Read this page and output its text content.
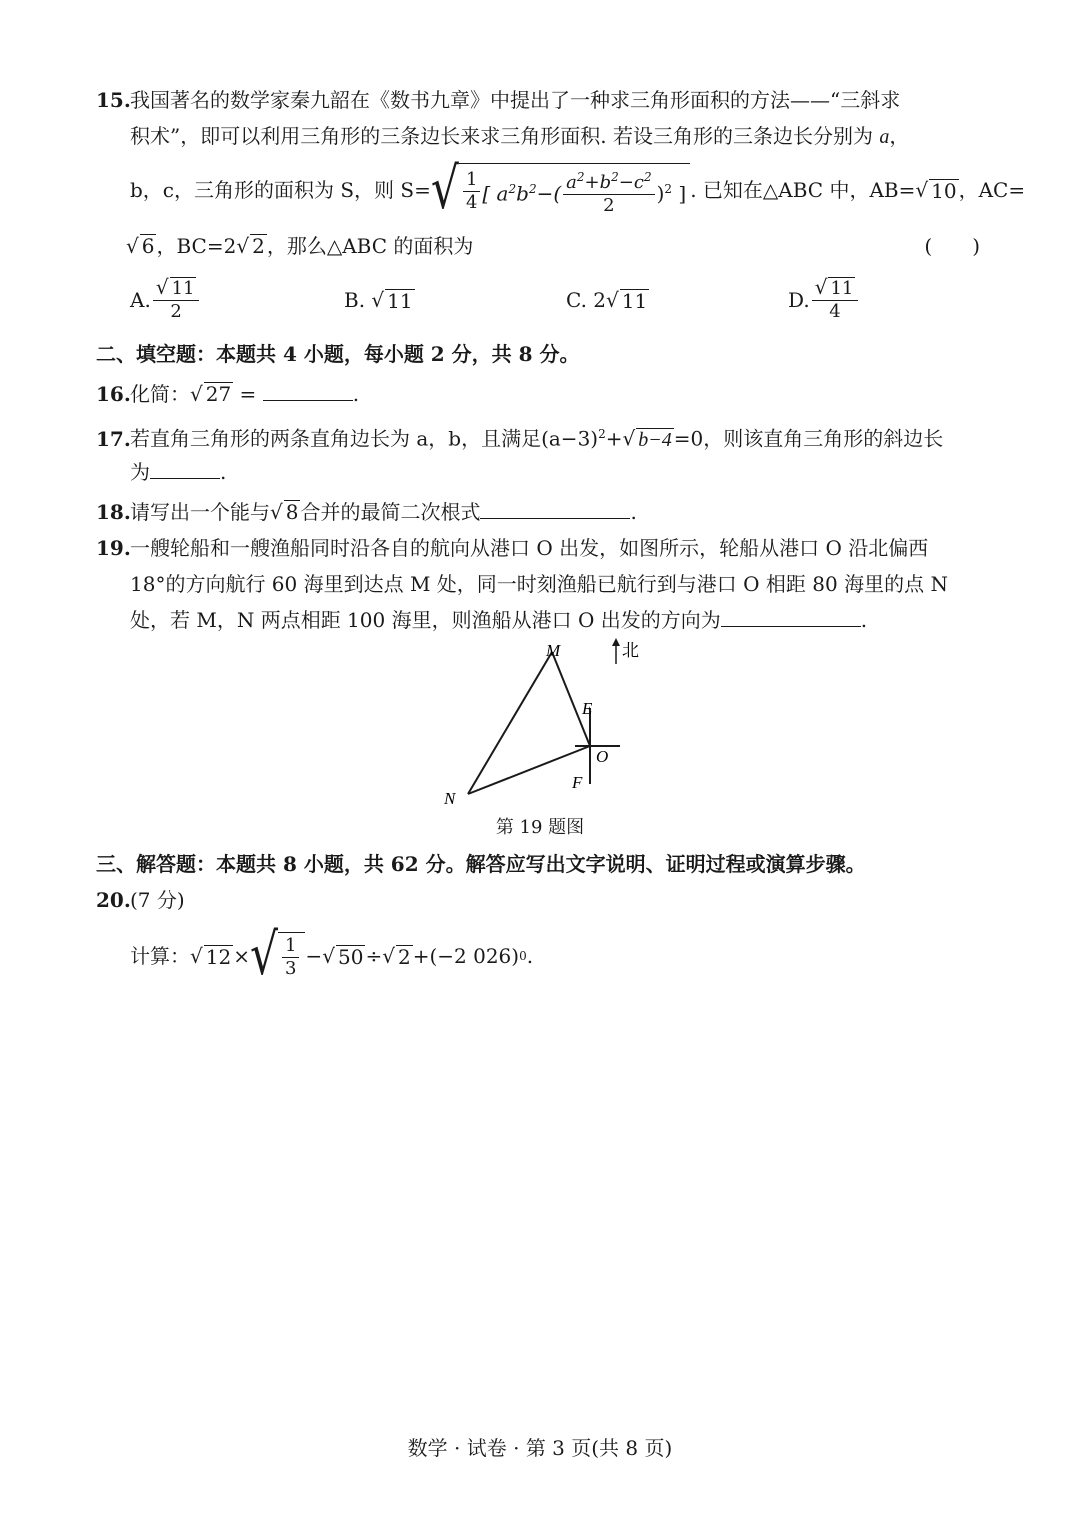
15.我国著名的数学家秦九韶在《数书九章》中提出了一种求三角形面积的方法——“三斜求
积术”，即可以利用三角形的三条边长来求三角形面积. 若设三角形的三条边长分别为 a，
b，c，三角形的面积为 S，则 S= √ $\frac{1}{4}$ [ $a^2b^2-( \frac{a^2+b^2-c^2}{2} )^2$ ] . 已知在△ABC 中，AB= √ 10 ，AC=
√ 6 ，BC=2√ 2 ，那么△ABC 的面积为	(　　)
A. $\frac{√ 11}{2}$	B.
√ 11	C. 2 √ 11	D. $\frac{√ 11}{4}$
二、填空题：本题共 4 小题，每小题 2 分，共 8 分。
16.化简：√ 27 =	.
17.若直角三角形的两条直角边长为 a，b，且满足$(a-3)^2+√$ b−4 =0，则该直角三角形的斜边长
为	.
18.请写出一个能与√ 8 合并的最简二次根式	.
19.一艘轮船和一艘渔船同时沿各自的航向从港口 O 出发，如图所示，轮船从港口 O 沿北偏西
18°的方向航行 60 海里到达点 M 处，同一时刻渔船已航行到与港口 O 相距 80 海里的点 N
处，若 M，N 两点相距 100 海里，则渔船从港口 O 出发的方向为	.
M
N
E
O
F
北
第 19 题图
三、解答题：本题共 8 小题，共 62 分。解答应写出文字说明、证明过程或演算步骤。
20.(7 分)
计算： √ 12 × √ $\frac{1}{3}$ − √ 50 ÷ √ 2 +(−2 026) 0 .
数学 · 试卷 · 第 3 页(共 8 页)
